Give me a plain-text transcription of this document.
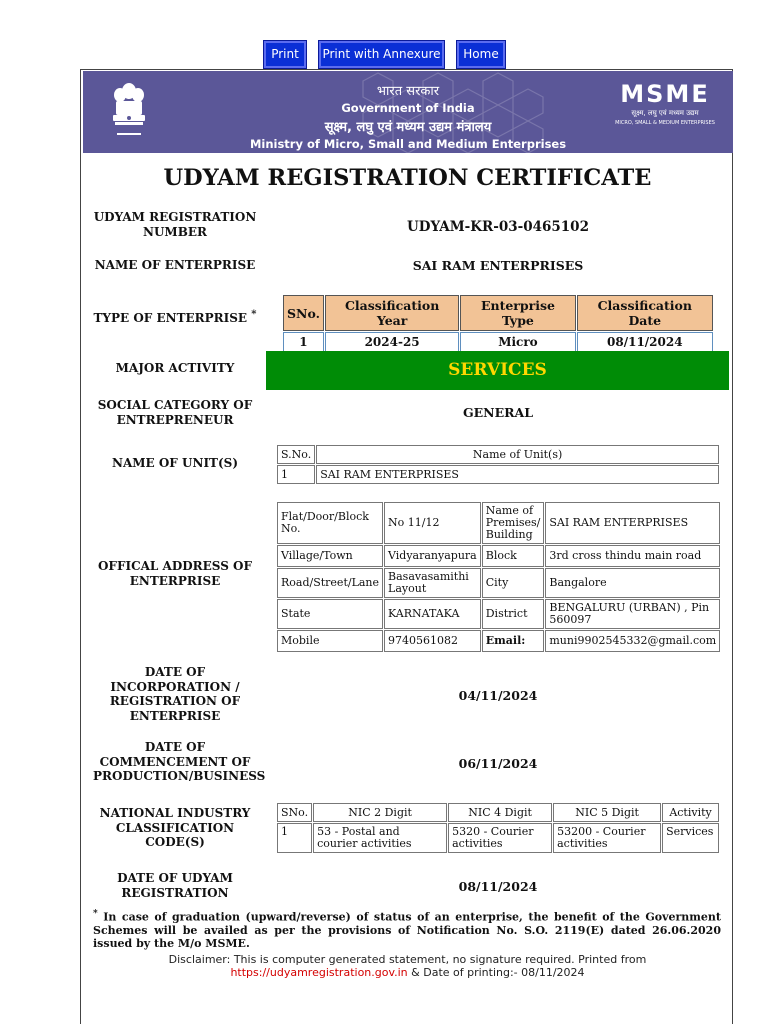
Print	Print with Annexure	Home
भारत सरकार
Government of India
सूक्ष्म, लघु एवं मध्यम उद्यम मंत्रालय
Ministry of Micro, Small and Medium Enterprises
MSME
सूक्ष्म, लघु एवं मध्यम उद्यम
MICRO, SMALL & MEDIUM ENTERPRISES
UDYAM REGISTRATION CERTIFICATE
UDYAM REGISTRATION NUMBER	UDYAM-KR-03-0465102
NAME OF ENTERPRISE	SAI RAM ENTERPRISES
TYPE OF ENTERPRISE * SNo.	Classification Year	Enterprise Type	Classification Date
1	2024-25	Micro	08/11/2024
MAJOR ACTIVITY	SERVICES
SOCIAL CATEGORY OF ENTREPRENEUR	GENERAL
NAME OF UNIT(S)
S.No.	Name of Unit(s)
1	SAI RAM ENTERPRISES
OFFICAL ADDRESS OF ENTERPRISE
Flat/Door/Block No.	No 11/12	Name of Premises/ Building	SAI RAM ENTERPRISES
Village/Town	Vidyaranyapura	Block	3rd cross thindu main road
Road/Street/Lane	Basavasamithi Layout	City	Bangalore
State	KARNATAKA	District	BENGALURU (URBAN) , Pin 560097
Mobile	9740561082	Email:	muni9902545332@gmail.com
DATE OF INCORPORATION / REGISTRATION OF ENTERPRISE
04/11/2024
DATE OF COMMENCEMENT OF PRODUCTION/BUSINESS
06/11/2024
NATIONAL INDUSTRY CLASSIFICATION CODE(S)
SNo.	NIC 2 Digit	NIC 4 Digit	NIC 5 Digit	Activity
1	53 - Postal and courier activities	5320 - Courier activities	53200 - Courier activities	Services
DATE OF UDYAM REGISTRATION	08/11/2024
* In case of graduation (upward/reverse) of status of an enterprise, the benefit of the Government Schemes will be availed as per the provisions of Notification No. S.O. 2119(E) dated 26.06.2020 issued by the M/o MSME.
Disclaimer: This is computer generated statement, no signature required. Printed from
https://udyamregistration.gov.in & Date of printing:- 08/11/2024
